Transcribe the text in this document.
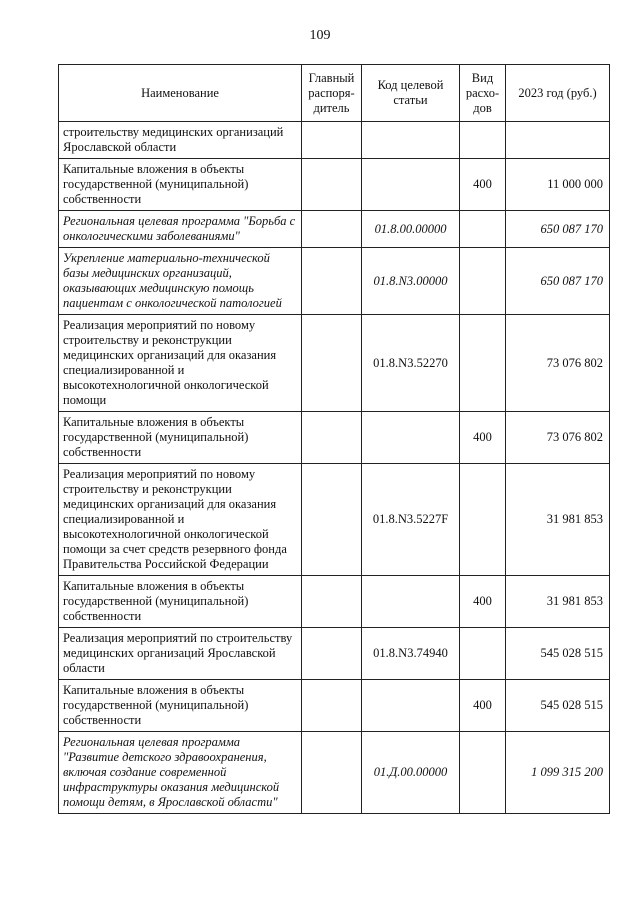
109
Наименование	Главный распоря-дитель	Код целевой статьи	Вид расхо-дов	2023 год (руб.)
строительству медицинских организаций Ярославской области				
Капитальные вложения в объекты государственной (муниципальной) собственности			400	11 000 000
Региональная целевая программа "Борьба с онкологическими заболеваниями"		01.8.00.00000		650 087 170
Укрепление материально-технической базы медицинских организаций, оказывающих медицинскую помощь пациентам с онкологической патологией		01.8.N3.00000		650 087 170
Реализация мероприятий по новому строительству и реконструкции медицинских организаций для оказания специализированной и высокотехнологичной онкологической помощи		01.8.N3.52270		73 076 802
Капитальные вложения в объекты государственной (муниципальной) собственности			400	73 076 802
Реализация мероприятий по новому строительству и реконструкции медицинских организаций для оказания специализированной и высокотехнологичной онкологической помощи за счет средств резервного фонда Правительства Российской Федерации		01.8.N3.5227F		31 981 853
Капитальные вложения в объекты государственной (муниципальной) собственности			400	31 981 853
Реализация мероприятий по строительству медицинских организаций Ярославской области		01.8.N3.74940		545 028 515
Капитальные вложения в объекты государственной (муниципальной) собственности			400	545 028 515
Региональная целевая программа "Развитие детского здравоохранения, включая создание современной инфраструктуры оказания медицинской помощи детям, в Ярославской области"		01.Д.00.00000		1 099 315 200
